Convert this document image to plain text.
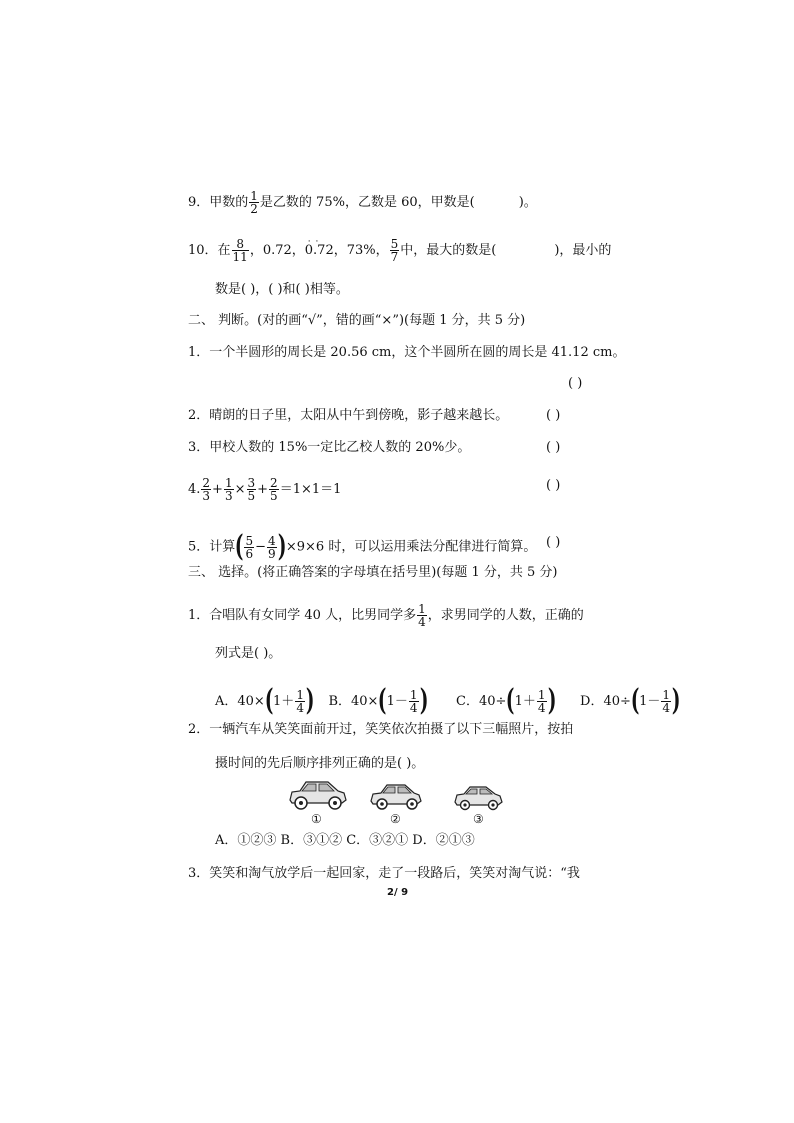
9．甲数的 $\frac{1}{2}$ 是乙数的 75%，乙数是 60，甲数是(	)。
10．在 $\frac{8}{11}$ ，0.72，· · 0.72，73%， $\frac{5}{7}$ 中，最大的数是(	)，最小的
数是( )，( )和( )相等。
二、 判断。(对的画“√”，错的画“×”)(每题 1 分，共 5 分)
1．一个半圆形的周长是 20.56 cm，这个半圆所在圆的周长是 41.12 cm。
( )
2．晴朗的日子里，太阳从中午到傍晚，影子越来越长。	( )
3．甲校人数的 15%一定比乙校人数的 20%少。	( )
4. $\frac{2}{3} + \frac{1}{3} \times \frac{3}{5} + \frac{2}{5} =1\times 1=1$	( )
5．计算( $\frac{5}{6} - \frac{4}{9} )\times 9\times 6$ 时，可以运用乘法分配律进行简算。 ( )
三、 选择。(将正确答案的字母填在括号里)(每题 1 分，共 5 分)
1．合唱队有女同学 40 人，比男同学多 $\frac{1}{4}$ ，求男同学的人数，正确的
列式是( )。
A．$40\times(1+ \frac{1}{4}$ ) B．$40\times(1- \frac{1}{4}$ ) C．$40\div(1+ \frac{1}{4}$ ) D．$40\div(1- \frac{1}{4}$ )
2．一辆汽车从笑笑面前开过，笑笑依次拍摄了以下三幅照片，按拍
摄时间的先后顺序排列正确的是( )。
①	②	③
A．①②③ B．③①② C．③②① D．②①③
3．笑笑和淘气放学后一起回家，走了一段路后，笑笑对淘气说：“我
2/ 9
